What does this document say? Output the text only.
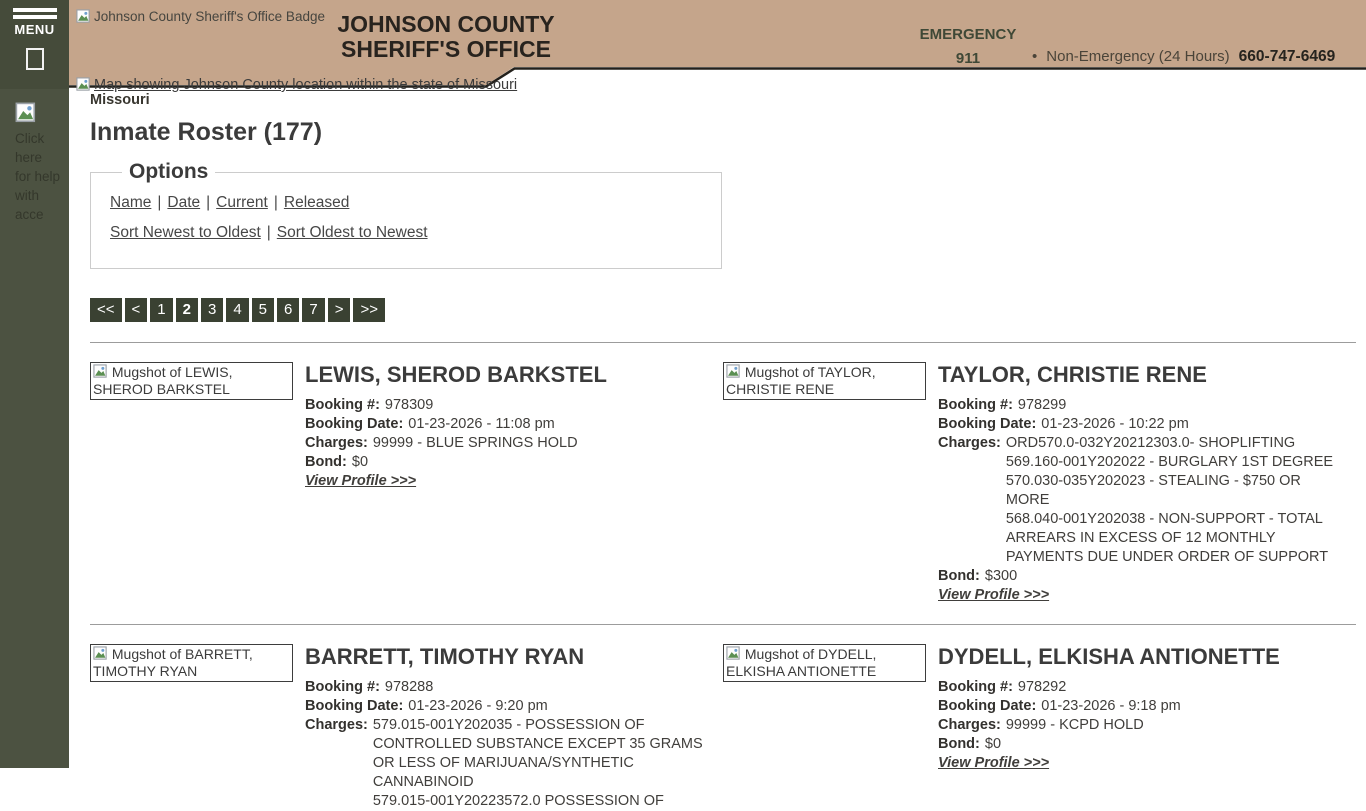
MENU
Click here for help with acce
Johnson County Sheriff's Office Badge JOHNSON COUNTY
SHERIFF'S OFFICE
EMERGENCY
911	• Non-Emergency (24 Hours) 660-747-6469
Map showing Johnson County location within the state of Missouri
Missouri
Inmate Roster (177)
Options
Name | Date | Current | Released
Sort Newest to Oldest | Sort Oldest to Newest
<<	<	1	2	3	4	5	6	7	>	>>
Mugshot of LEWIS, SHEROD BARKSTEL
LEWIS, SHEROD BARKSTEL
Booking #: 978309
Booking Date: 01-23-2026 - 11:08 pm
Charges: 99999 - BLUE SPRINGS HOLD
Bond: $0
View Profile >>>
Mugshot of TAYLOR, CHRISTIE RENE
TAYLOR, CHRISTIE RENE
Booking #: 978299
Booking Date: 01-23-2026 - 10:22 pm
Charges: ORD570.0-032Y20212303.0- SHOPLIFTING
569.160-001Y202022 - BURGLARY 1ST DEGREE
570.030-035Y202023 - STEALING - $750 OR MORE
568.040-001Y202038 - NON-SUPPORT - TOTAL ARREARS IN EXCESS OF 12 MONTHLY PAYMENTS DUE UNDER ORDER OF SUPPORT
Bond: $300
View Profile >>>
Mugshot of BARRETT, TIMOTHY RYAN
BARRETT, TIMOTHY RYAN
Booking #: 978288
Booking Date: 01-23-2026 - 9:20 pm
Charges: 579.015-001Y202035 - POSSESSION OF CONTROLLED SUBSTANCE EXCEPT 35 GRAMS OR LESS OF MARIJUANA/SYNTHETIC CANNABINOID
579.015-001Y20223572.0 POSSESSION OF
Mugshot of DYDELL, ELKISHA ANTIONETTE
DYDELL, ELKISHA ANTIONETTE
Booking #: 978292
Booking Date: 01-23-2026 - 9:18 pm
Charges: 99999 - KCPD HOLD
Bond: $0
View Profile >>>
